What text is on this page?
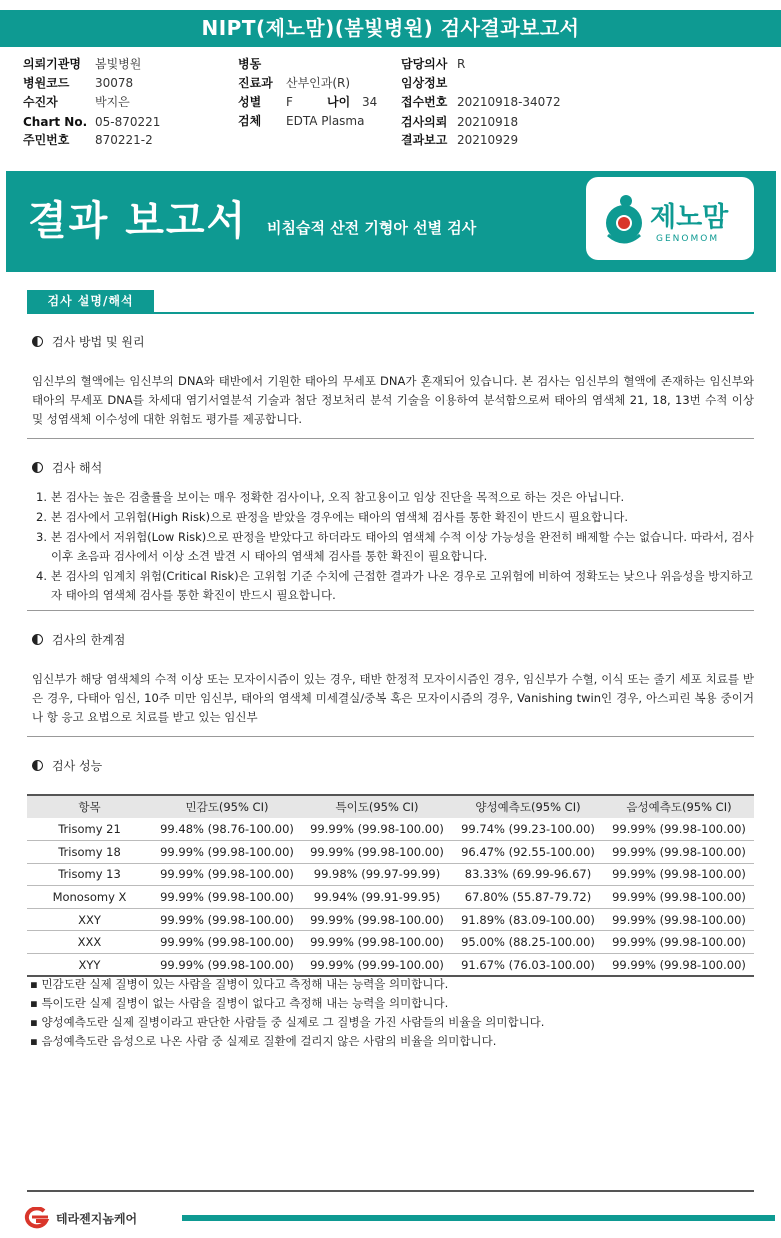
NIPT(제노맘)(봄빛병원) 검사결과보고서
의뢰기관명 봄빛병원
병원코드 30078
수진자	박지은
Chart No. 05-870221
주민번호 870221-2
병동
진료과 산부인과(R)
성별 F	나이 34
검체 EDTA Plasma
담당의사 R
임상정보
접수번호 20210918-34072
검사의뢰 20210918
결과보고 20210929
결과 보고서 비침습적 산전 기형아 선별 검사	제노맘
GENOMOM
검사 설명/해석
검사 방법 및 원리
임신부의 혈액에는 임신부의 DNA와 태반에서 기원한 태아의 무세포 DNA가 혼재되어 있습니다. 본 검사는 임신부의 혈액에 존재하는 임신부와 태아의 무세포 DNA를 차세대 염기서열분석 기술과 첨단 정보처리 분석 기술을 이용하여 분석함으로써 태아의 염색체 21, 18, 13번 수적 이상 및 성염색체 이수성에 대한 위험도 평가를 제공합니다.
검사 해석
1. 본 검사는 높은 검출률을 보이는 매우 정확한 검사이나, 오직 참고용이고 임상 진단을 목적으로 하는 것은 아닙니다.
2. 본 검사에서 고위험(High Risk)으로 판정을 받았을 경우에는 태아의 염색체 검사를 통한 확진이 반드시 필요합니다.
3. 본 검사에서 저위험(Low Risk)으로 판정을 받았다고 하더라도 태아의 염색체 수적 이상 가능성을 완전히 배제할 수는 없습니다. 따라서, 검사 이후 초음파 검사에서 이상 소견 발견 시 태아의 염색체 검사를 통한 확진이 필요합니다.
4. 본 검사의 임계치 위험(Critical Risk)은 고위험 기준 수치에 근접한 결과가 나온 경우로 고위험에 비하여 정확도는 낮으나 위음성을 방지하고자 태아의 염색체 검사를 통한 확진이 반드시 필요합니다.
검사의 한계점
임신부가 해당 염색체의 수적 이상 또는 모자이시즘이 있는 경우, 태반 한정적 모자이시즘인 경우, 임신부가 수혈, 이식 또는 줄기 세포 치료를 받은 경우, 다태아 임신, 10주 미만 임신부, 태아의 염색체 미세결실/중복 혹은 모자이시즘의 경우, Vanishing twin인 경우, 아스피린 복용 중이거나 항 응고 요법으로 치료를 받고 있는 임신부
검사 성능
항목	민감도(95% CI)	특이도(95% CI)	양성예측도(95% CI)	음성예측도(95% CI)
Trisomy 21	99.48% (98.76-100.00)	99.99% (99.98-100.00)	99.74% (99.23-100.00)	99.99% (99.98-100.00)
Trisomy 18	99.99% (99.98-100.00)	99.99% (99.98-100.00)	96.47% (92.55-100.00)	99.99% (99.98-100.00)
Trisomy 13	99.99% (99.98-100.00)	99.98% (99.97-99.99)	83.33% (69.99-96.67)	99.99% (99.98-100.00)
Monosomy X	99.99% (99.98-100.00)	99.94% (99.91-99.95)	67.80% (55.87-79.72)	99.99% (99.98-100.00)
XXY	99.99% (99.98-100.00)	99.99% (99.98-100.00)	91.89% (83.09-100.00)	99.99% (99.98-100.00)
XXX	99.99% (99.98-100.00)	99.99% (99.98-100.00)	95.00% (88.25-100.00)	99.99% (99.98-100.00)
XYY	99.99% (99.98-100.00)	99.99% (99.99-100.00)	91.67% (76.03-100.00)	99.99% (99.98-100.00)
▪ 민감도란 실제 질병이 있는 사람을 질병이 있다고 측정해 내는 능력을 의미합니다.
▪ 특이도란 실제 질병이 없는 사람을 질병이 없다고 측정해 내는 능력을 의미합니다.
▪ 양성예측도란 실제 질병이라고 판단한 사람들 중 실제로 그 질병을 가진 사람들의 비율을 의미합니다.
▪ 음성예측도란 음성으로 나온 사람 중 실제로 질환에 걸리지 않은 사람의 비율을 의미합니다.
테라젠지놈케어
